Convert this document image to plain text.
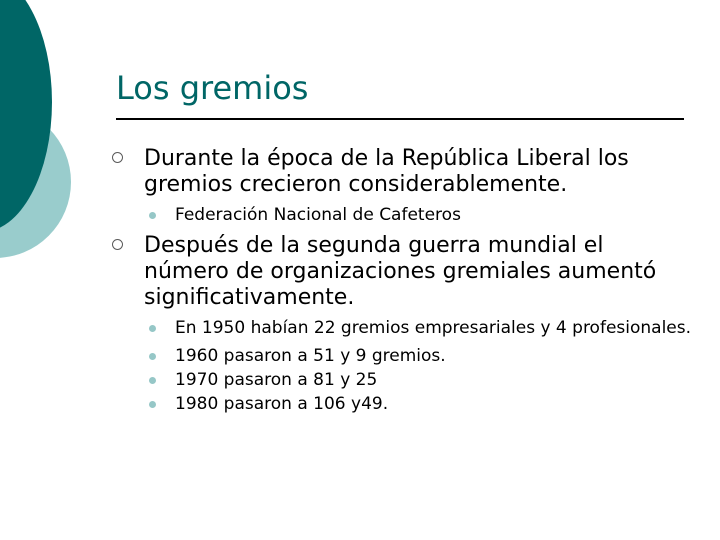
Los gremios
Durante la época de la República Liberal los gremios crecieron considerablemente.
Federación Nacional de Cafeteros
Después de la segunda guerra mundial el número de organizaciones gremiales aumentó significativamente.
En 1950 habían 22 gremios empresariales y 4 profesionales.
1960 pasaron a 51 y 9 gremios.
1970 pasaron a 81 y 25
1980 pasaron a 106 y49.
